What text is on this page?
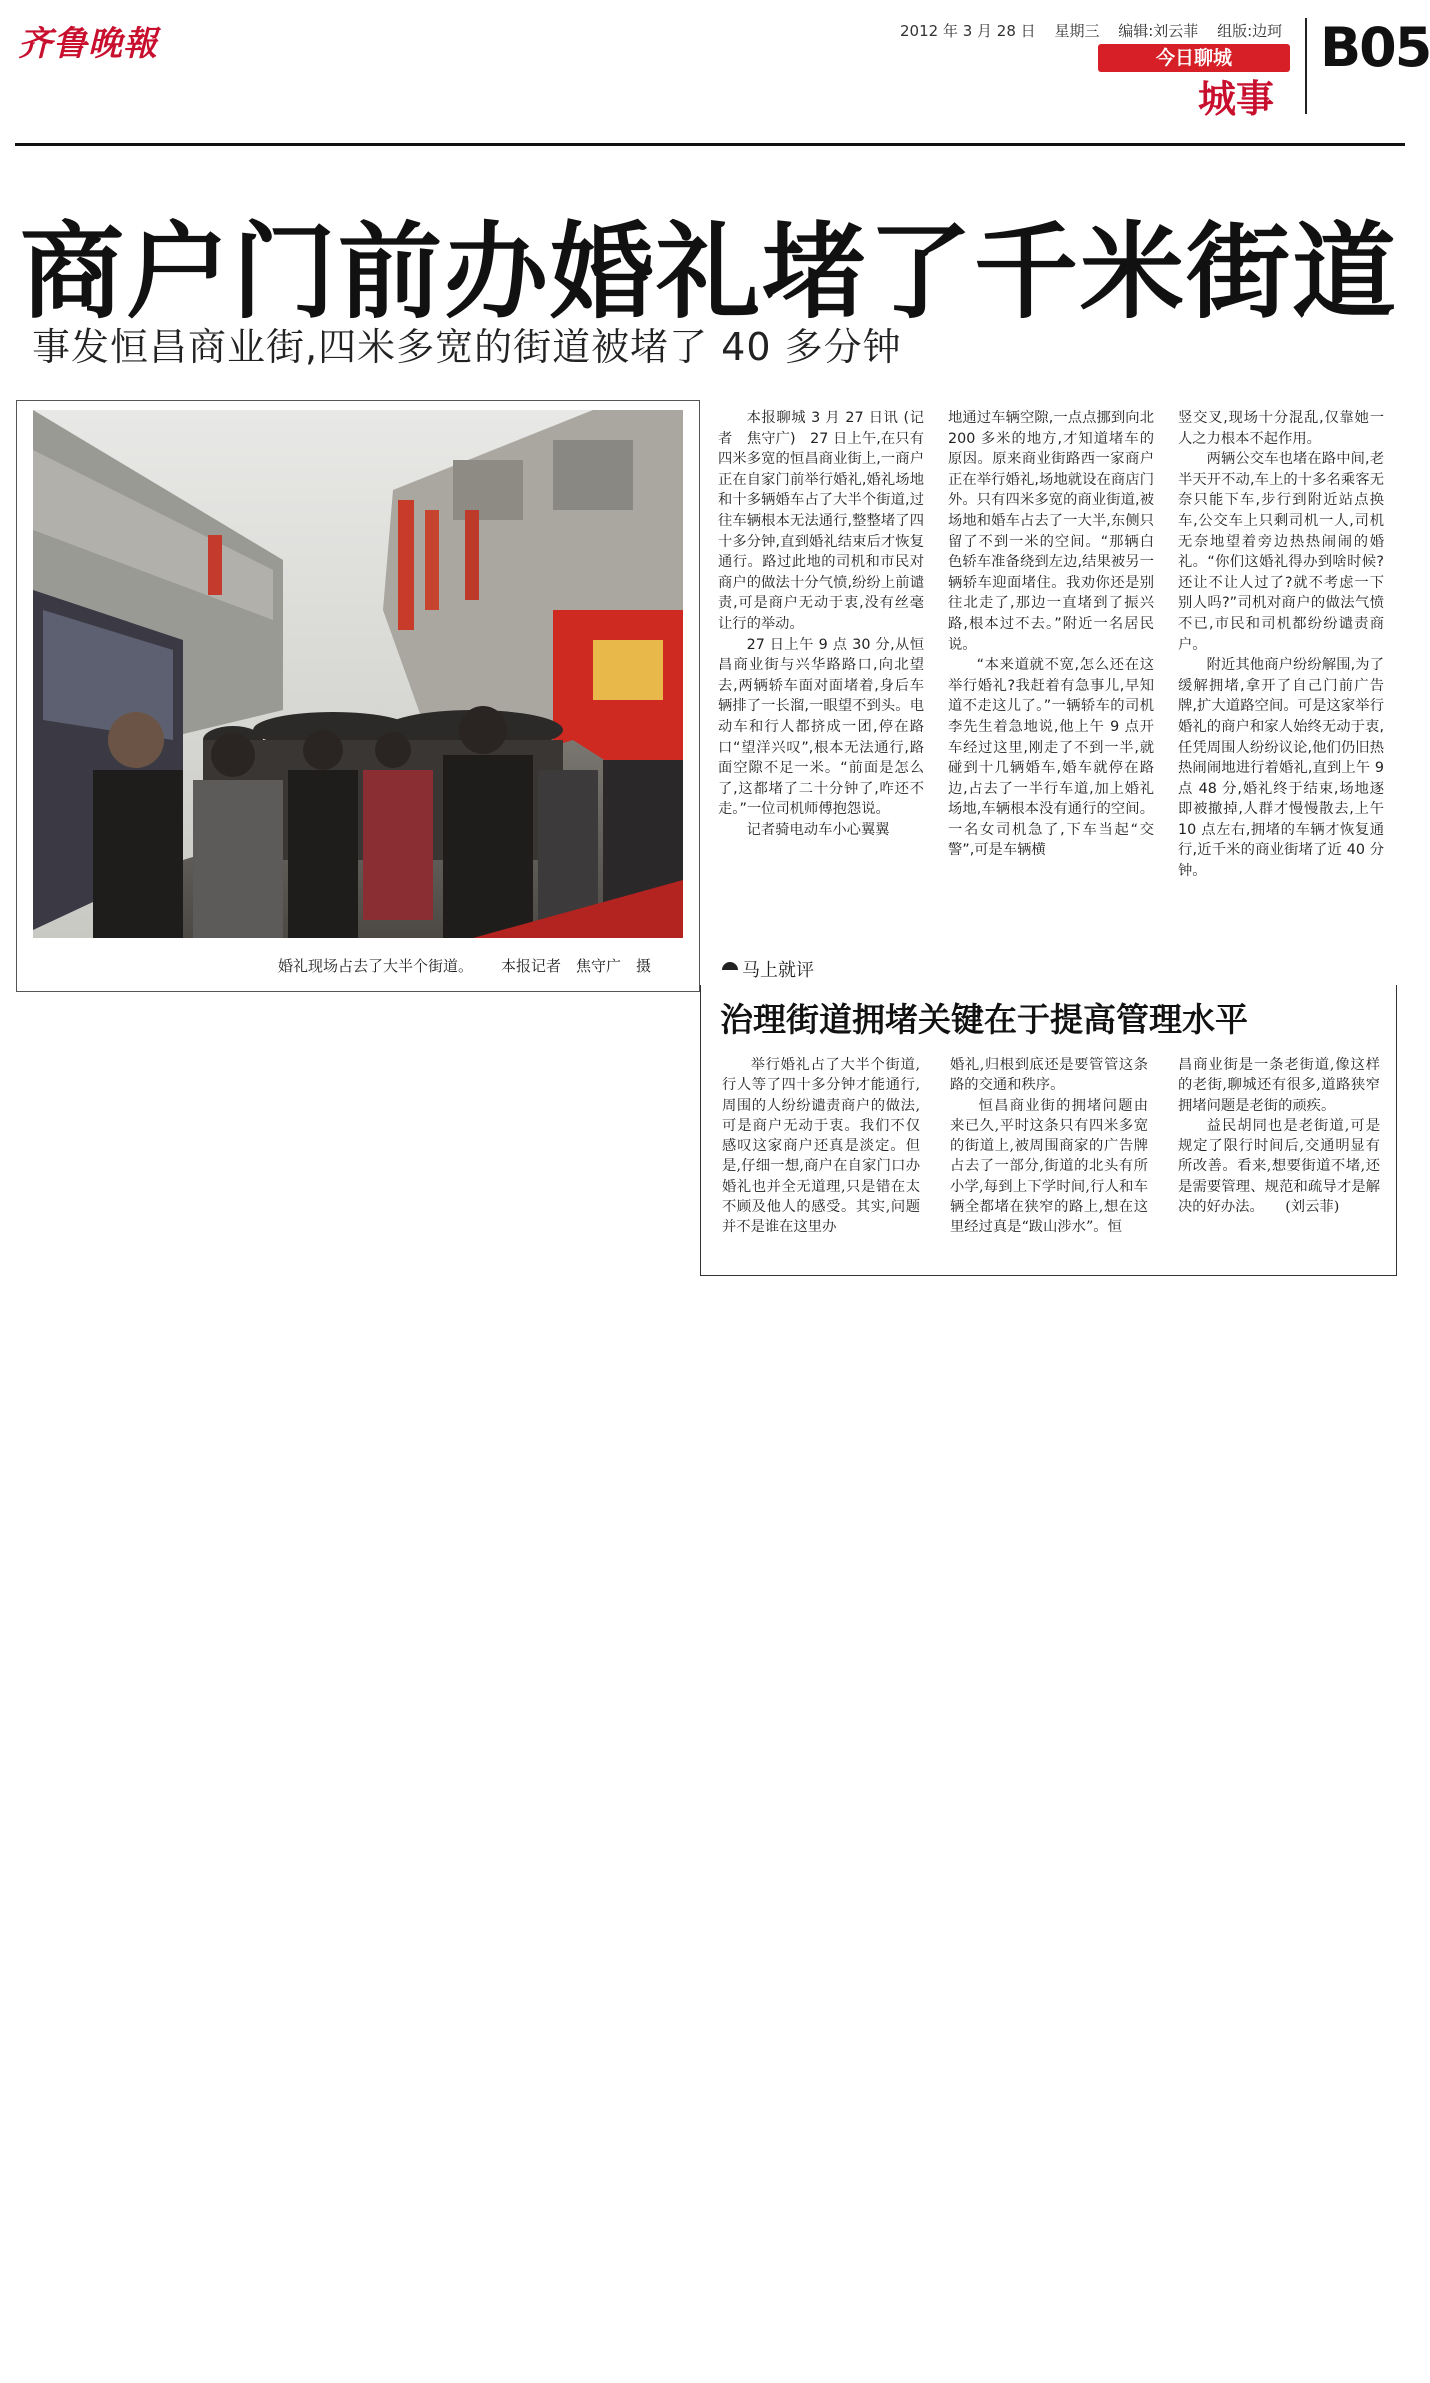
齐鲁晚報	2012 年 3 月 28 日 星期三 编辑:刘云菲 组版:边珂
今日聊城
城事
B05
商户门前办婚礼堵了千米街道
事发恒昌商业街,四米多宽的街道被堵了 40 多分钟
婚礼现场占去了大半个街道。 本报记者　焦守广　摄

本报聊城 3 月 27 日讯 (记者　焦守广)　27 日上午,在只有四米多宽的恒昌商业街上,一商户正在自家门前举行婚礼,婚礼场地和十多辆婚车占了大半个街道,过往车辆根本无法通行,整整堵了四十多分钟,直到婚礼结束后才恢复通行。路过此地的司机和市民对商户的做法十分气愤,纷纷上前谴责,可是商户无动于衷,没有丝毫让行的举动。

27 日上午 9 点 30 分,从恒昌商业街与兴华路路口,向北望去,两辆轿车面对面堵着,身后车辆排了一长溜,一眼望不到头。电动车和行人都挤成一团,停在路口“望洋兴叹”,根本无法通行,路面空隙不足一米。“前面是怎么了,这都堵了二十分钟了,咋还不走。”一位司机师傅抱怨说。

记者骑电动车小心翼翼

地通过车辆空隙,一点点挪到向北 200 多米的地方,才知道堵车的原因。原来商业街路西一家商户正在举行婚礼,场地就设在商店门外。只有四米多宽的商业街道,被场地和婚车占去了一大半,东侧只留了不到一米的空间。“那辆白色轿车准备绕到左边,结果被另一辆轿车迎面堵住。我劝你还是别往北走了,那边一直堵到了振兴路,根本过不去。”附近一名居民说。

“本来道就不宽,怎么还在这举行婚礼?我赶着有急事儿,早知道不走这儿了。”一辆轿车的司机李先生着急地说,他上午 9 点开车经过这里,刚走了不到一半,就碰到十几辆婚车,婚车就停在路边,占去了一半行车道,加上婚礼场地,车辆根本没有通行的空间。一名女司机急了,下车当起“交警”,可是车辆横

竖交叉,现场十分混乱,仅靠她一人之力根本不起作用。

两辆公交车也堵在路中间,老半天开不动,车上的十多名乘客无奈只能下车,步行到附近站点换车,公交车上只剩司机一人,司机无奈地望着旁边热热闹闹的婚礼。“你们这婚礼得办到啥时候?还让不让人过了?就不考虑一下别人吗?”司机对商户的做法气愤不已,市民和司机都纷纷谴责商户。

附近其他商户纷纷解围,为了缓解拥堵,拿开了自己门前广告牌,扩大道路空间。可是这家举行婚礼的商户和家人始终无动于衷,任凭周围人纷纷议论,他们仍旧热热闹闹地进行着婚礼,直到上午 9 点 48 分,婚礼终于结束,场地逐即被撤掉,人群才慢慢散去,上午 10 点左右,拥堵的车辆才恢复通行,近千米的商业街堵了近 40 分钟。

马上就评
治理街道拥堵关键在于提高管理水平

举行婚礼占了大半个街道,行人等了四十多分钟才能通行,周围的人纷纷谴责商户的做法,可是商户无动于衷。我们不仅感叹这家商户还真是淡定。但是,仔细一想,商户在自家门口办婚礼也并全无道理,只是错在太不顾及他人的感受。其实,问题并不是谁在这里办

婚礼,归根到底还是要管管这条路的交通和秩序。

恒昌商业街的拥堵问题由来已久,平时这条只有四米多宽的街道上,被周围商家的广告牌占去了一部分,街道的北头有所小学,每到上下学时间,行人和车辆全都堵在狭窄的路上,想在这里经过真是“跋山涉水”。恒

昌商业街是一条老街道,像这样的老街,聊城还有很多,道路狭窄拥堵问题是老街的顽疾。

益民胡同也是老街道,可是规定了限行时间后,交通明显有所改善。看来,想要街道不堵,还是需要管理、规范和疏导才是解决的好办法。　　(刘云菲)
